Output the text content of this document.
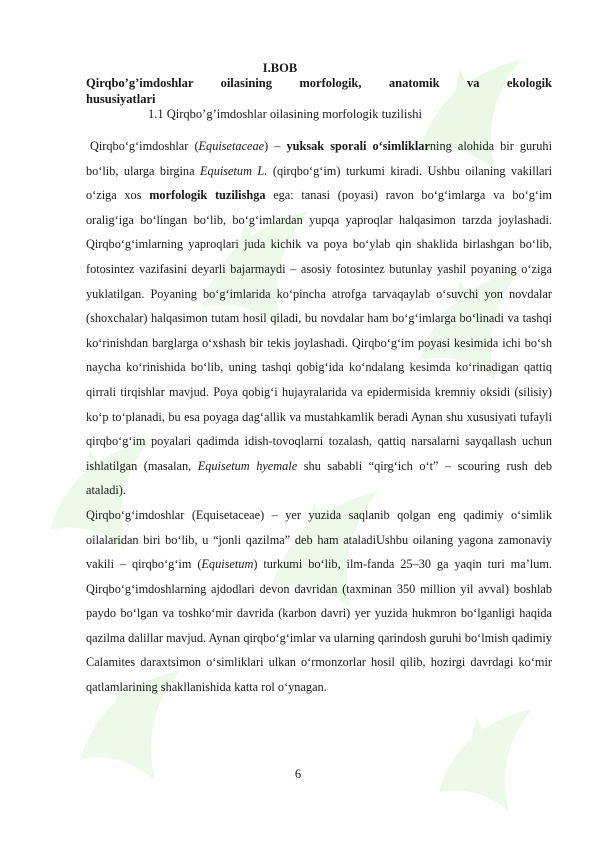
I.BOB
Qirqbo’g’imdoshlar oilasining morfologik, anatomik va ekologik
hususiyatlari
1.1 Qirqbo’g’imdoshlar oilasining morfologik tuzilishi

Qirqbo‘g‘imdoshlar (Equisetaceae) – yuksak sporali o‘simliklarning alohida bir guruhi bo‘lib, ularga birgina Equisetum L. (qirqbo‘g‘im) turkumi kiradi. Ushbu oilaning vakillari o‘ziga xos morfologik tuzilishga ega: tanasi (poyasi) ravon bo‘g‘imlarga va bo‘g‘im oralig‘iga bo‘lingan bo‘lib, bo‘g‘imlardan yupqa yaproqlar halqasimon tarzda joylashadi. Qirqbo‘g‘imlarning yaproqlari juda kichik va poya bo‘ylab qin shaklida birlashgan bo‘lib, fotosintez vazifasini deyarli bajarmaydi – asosiy fotosintez butunlay yashil poyaning o‘ziga yuklatilgan. Poyaning bo‘g‘imlarida ko‘pincha atrofga tarvaqaylab o‘suvchi yon novdalar (shoxchalar) halqasimon tutam hosil qiladi, bu novdalar ham bo‘g‘imlarga bo‘linadi va tashqi ko‘rinishdan barglarga o‘xshash bir tekis joylashadi. Qirqbo‘g‘im poyasi kesimida ichi bo‘sh naycha ko‘rinishida bo‘lib, uning tashqi qobig‘ida ko‘ndalang kesimda ko‘rinadigan qattiq qirrali tirqishlar mavjud. Poya qobig‘i hujayralarida va epidermisida kremniy oksidi (silisiy) ko‘p to‘planadi, bu esa poyaga dag‘allik va mustahkamlik beradi Aynan shu xususiyati tufayli qirqbo‘g‘im poyalari qadimda idish-tovoqlarni tozalash, qattiq narsalarni sayqallash uchun ishlatilgan (masalan, Equisetum hyemale shu sababli “qirg‘ich o‘t” – scouring rush deb ataladi).

Qirqbo‘g‘imdoshlar (Equisetaceae) – yer yuzida saqlanib qolgan eng qadimiy o‘simlik oilalaridan biri bo‘lib, u “jonli qazilma” deb ham ataladiUshbu oilaning yagona zamonaviy vakili – qirqbo‘g‘im (Equisetum) turkumi bo‘lib, ilm-fanda 25–30 ga yaqin turi ma’lum. Qirqbo‘g‘imdoshlarning ajdodlari devon davridan (taxminan 350 million yil avval) boshlab paydo bo‘lgan va toshko‘mir davrida (karbon davri) yer yuzida hukmron bo‘lganligi haqida qazilma dalillar mavjud. Aynan qirqbo‘g‘imlar va ularning qarindosh guruhi bo‘lmish qadimiy Calamites daraxtsimon o‘simliklari ulkan o‘rmonzorlar hosil qilib, hozirgi davrdagi ko‘mir qatlamlarining shakllanishida katta rol o‘ynagan.

6
